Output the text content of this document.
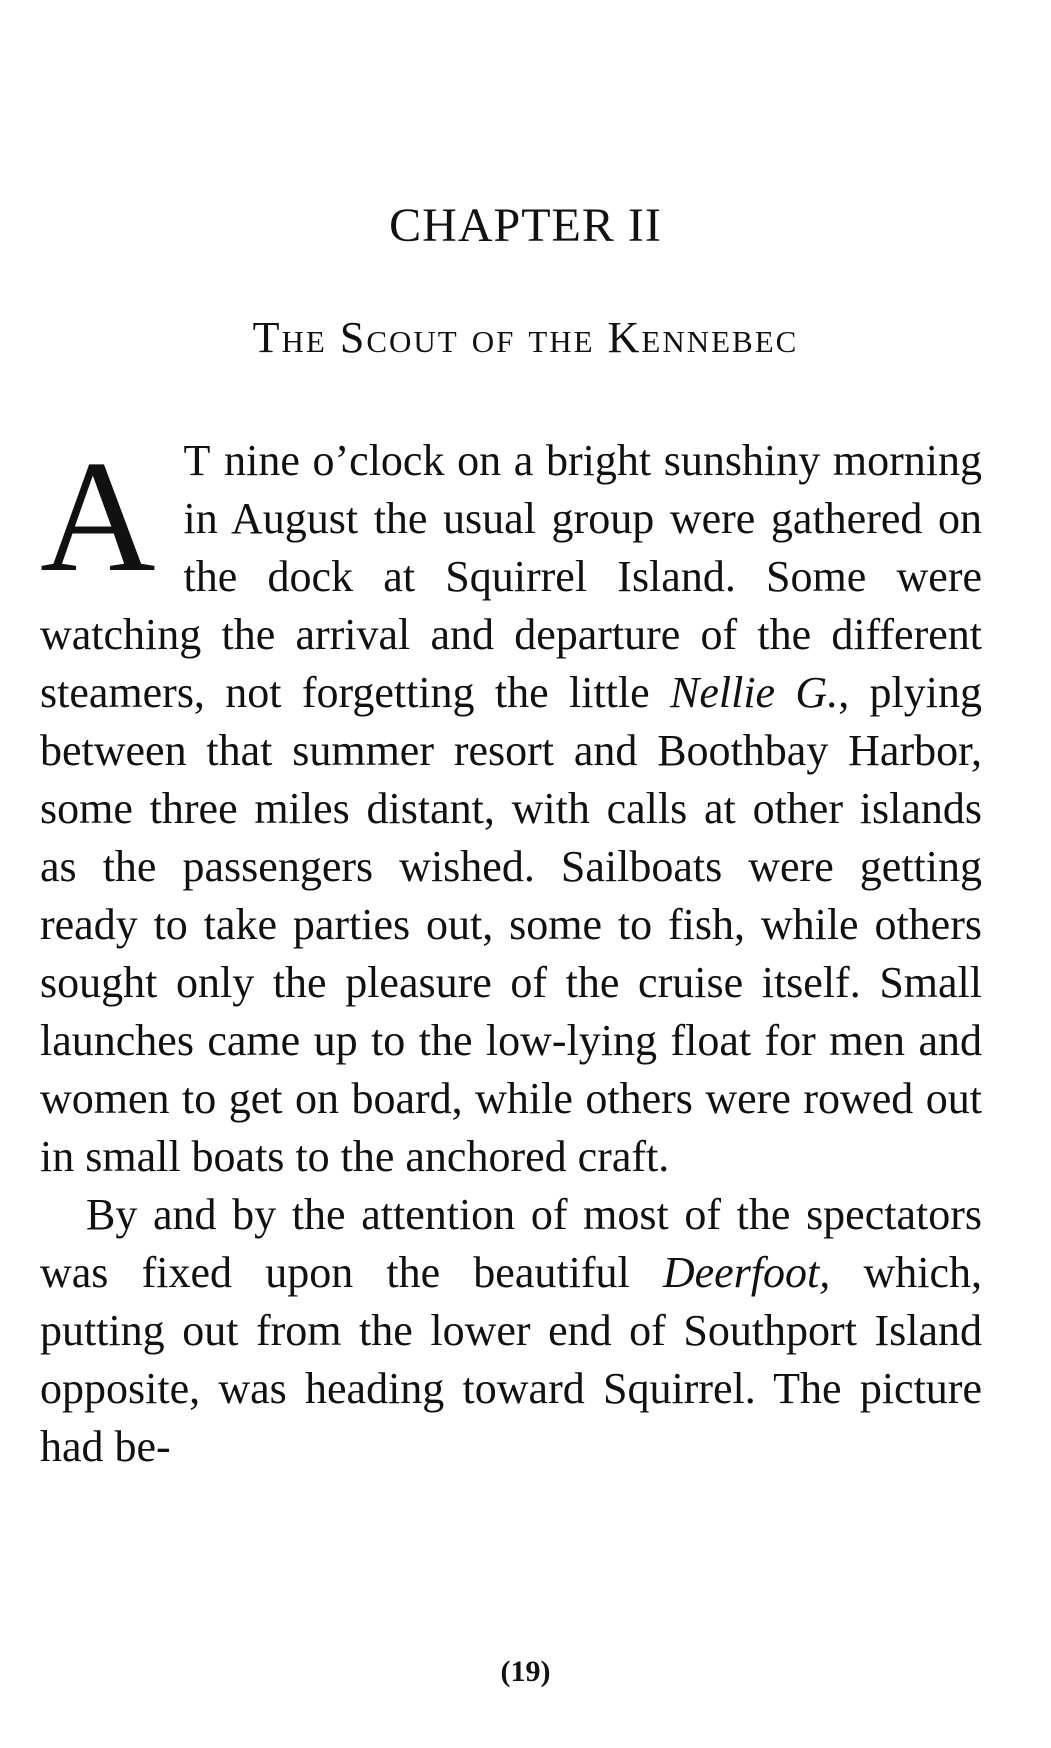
CHAPTER II
The Scout of the Kennebec

A T nine o’clock on a bright sunshiny morning in August the usual group were gathered on the dock at Squirrel Island. Some were watching the arrival and departure of the different steamers, not forgetting the little Nellie G., plying between that summer resort and Boothbay Harbor, some three miles distant, with calls at other islands as the passengers wished. Sailboats were getting ready to take parties out, some to fish, while others sought only the pleasure of the cruise itself. Small launches came up to the low-lying float for men and women to get on board, while others were rowed out in small boats to the anchored craft.

By and by the attention of most of the spectators was fixed upon the beautiful Deerfoot, which, putting out from the lower end of Southport Island opposite, was heading toward Squirrel. The picture had be-

(19)
